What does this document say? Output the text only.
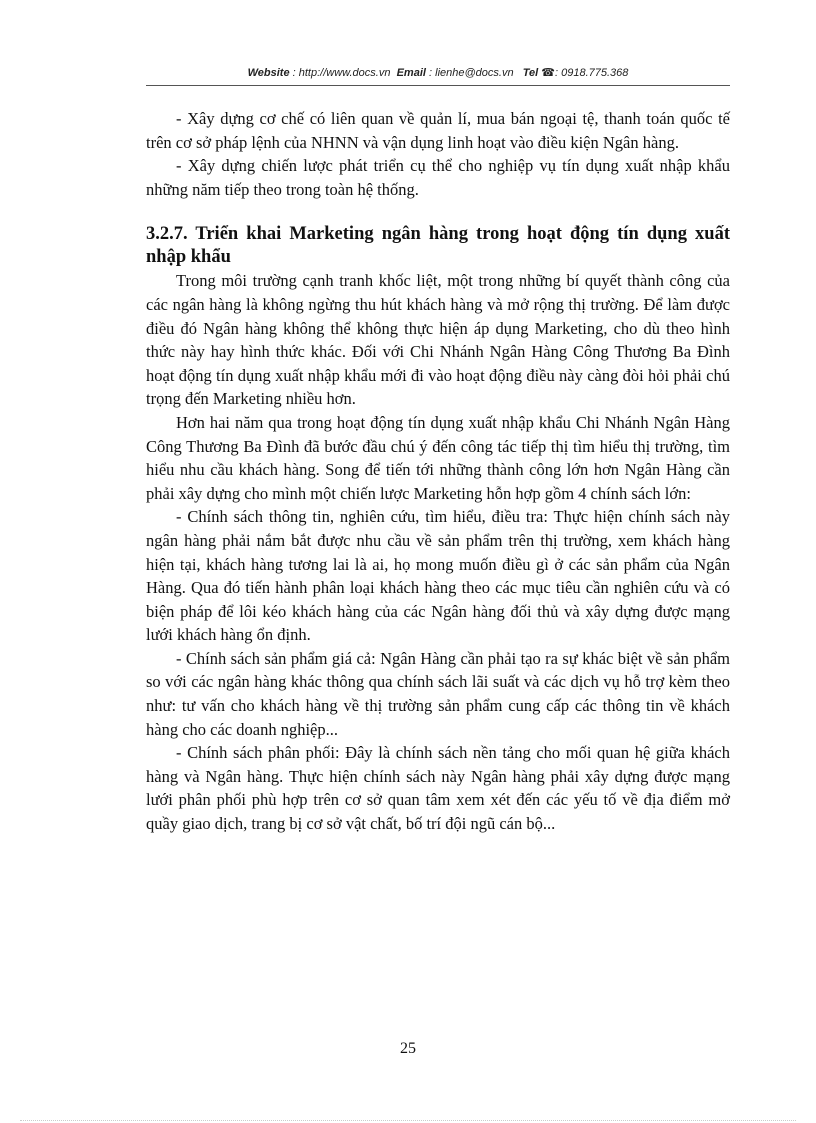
Website : http://www.docs.vn Email : lienhe@docs.vn Tel ☎: 0918.775.368

- Xây dựng cơ chế có liên quan về quản lí, mua bán ngoại tệ, thanh toán quốc tế trên cơ sở pháp lệnh của NHNN và vận dụng linh hoạt vào điều kiện Ngân hàng.

- Xây dựng chiến lược phát triển cụ thể cho nghiệp vụ tín dụng xuất nhập khẩu những năm tiếp theo trong toàn hệ thống.

3.2.7. Triển khai Marketing ngân hàng trong hoạt động tín dụng xuất nhập khẩu

Trong môi trường cạnh tranh khốc liệt, một trong những bí quyết thành công của các ngân hàng là không ngừng thu hút khách hàng và mở rộng thị trường. Để làm được điều đó Ngân hàng không thể không thực hiện áp dụng Marketing, cho dù theo hình thức này hay hình thức khác. Đối với Chi Nhánh Ngân Hàng Công Thương Ba Đình hoạt động tín dụng xuất nhập khẩu mới đi vào hoạt động điều này càng đòi hỏi phải chú trọng đến Marketing nhiều hơn.

Hơn hai năm qua trong hoạt động tín dụng xuất nhập khẩu Chi Nhánh Ngân Hàng Công Thương Ba Đình đã bước đầu chú ý đến công tác tiếp thị tìm hiểu thị trường, tìm hiểu nhu cầu khách hàng. Song để tiến tới những thành công lớn hơn Ngân Hàng cần phải xây dựng cho mình một chiến lược Marketing hỗn hợp gồm 4 chính sách lớn:

- Chính sách thông tin, nghiên cứu, tìm hiểu, điều tra: Thực hiện chính sách này ngân hàng phải nắm bắt được nhu cầu về sản phẩm trên thị trường, xem khách hàng hiện tại, khách hàng tương lai là ai, họ mong muốn điều gì ở các sản phẩm của Ngân Hàng. Qua đó tiến hành phân loại khách hàng theo các mục tiêu cần nghiên cứu và có biện pháp để lôi kéo khách hàng của các Ngân hàng đối thủ và xây dựng được mạng lưới khách hàng ổn định.

- Chính sách sản phẩm giá cả: Ngân Hàng cần phải tạo ra sự khác biệt về sản phẩm so với các ngân hàng khác thông qua chính sách lãi suất và các dịch vụ hỗ trợ kèm theo như: tư vấn cho khách hàng về thị trường sản phẩm cung cấp các thông tin về khách hàng cho các doanh nghiệp...

- Chính sách phân phối: Đây là chính sách nền tảng cho mối quan hệ giữa khách hàng và Ngân hàng. Thực hiện chính sách này Ngân hàng phải xây dựng được mạng lưới phân phối phù hợp trên cơ sở quan tâm xem xét đến các yếu tố về địa điểm mở quầy giao dịch, trang bị cơ sở vật chất, bố trí đội ngũ cán bộ...

25
